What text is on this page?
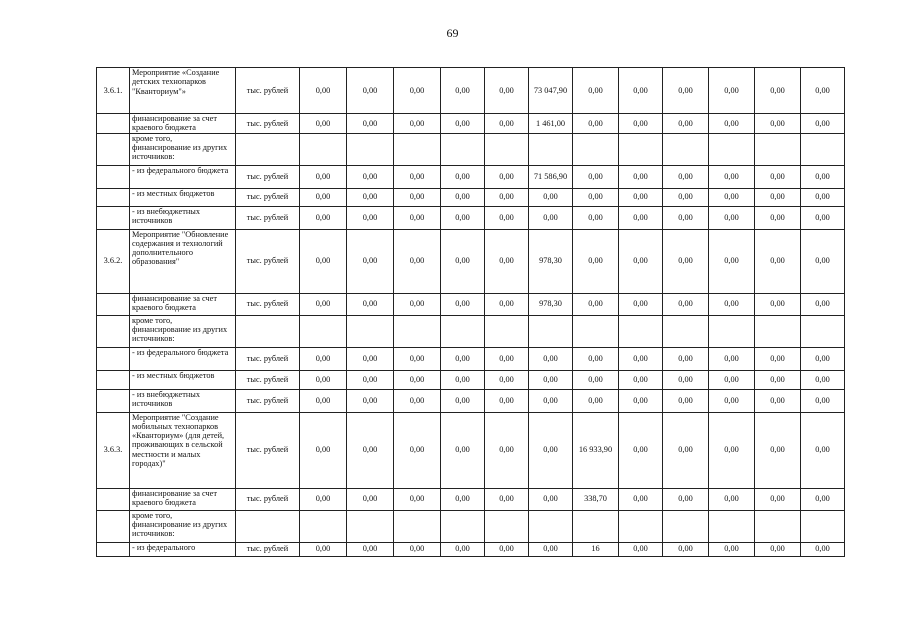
69
3.6.1.	Мероприятие «Создание детских технопарков "Кванториум"»	тыс. рублей	0,00	0,00	0,00	0,00	0,00	73 047,90	0,00	0,00	0,00	0,00	0,00	0,00
	финансирование за счет краевого бюджета	тыс. рублей	0,00	0,00	0,00	0,00	0,00	1 461,00	0,00	0,00	0,00	0,00	0,00	0,00
	кроме того, финансирование из других источников:													
	- из федерального бюджета	тыс. рублей	0,00	0,00	0,00	0,00	0,00	71 586,90	0,00	0,00	0,00	0,00	0,00	0,00
	- из местных бюджетов	тыс. рублей	0,00	0,00	0,00	0,00	0,00	0,00	0,00	0,00	0,00	0,00	0,00	0,00
	- из внебюджетных источников	тыс. рублей	0,00	0,00	0,00	0,00	0,00	0,00	0,00	0,00	0,00	0,00	0,00	0,00
3.6.2.	Мероприятие "Обновление содержания и технологий дополнительного образования"	тыс. рублей	0,00	0,00	0,00	0,00	0,00	978,30	0,00	0,00	0,00	0,00	0,00	0,00
	финансирование за счет краевого бюджета	тыс. рублей	0,00	0,00	0,00	0,00	0,00	978,30	0,00	0,00	0,00	0,00	0,00	0,00
	кроме того, финансирование из других источников:													
	- из федерального бюджета	тыс. рублей	0,00	0,00	0,00	0,00	0,00	0,00	0,00	0,00	0,00	0,00	0,00	0,00
	- из местных бюджетов	тыс. рублей	0,00	0,00	0,00	0,00	0,00	0,00	0,00	0,00	0,00	0,00	0,00	0,00
	- из внебюджетных источников	тыс. рублей	0,00	0,00	0,00	0,00	0,00	0,00	0,00	0,00	0,00	0,00	0,00	0,00
3.6.3.	Мероприятие "Создание мобильных технопарков «Кванториум» (для детей, проживающих в сельской местности и малых городах)"	тыс. рублей	0,00	0,00	0,00	0,00	0,00	0,00	16 933,90	0,00	0,00	0,00	0,00	0,00
	финансирование за счет краевого бюджета	тыс. рублей	0,00	0,00	0,00	0,00	0,00	0,00	338,70	0,00	0,00	0,00	0,00	0,00
	кроме того, финансирование из других источников:													
	- из федерального	тыс. рублей	0,00	0,00	0,00	0,00	0,00	0,00	16	0,00	0,00	0,00	0,00	0,00
